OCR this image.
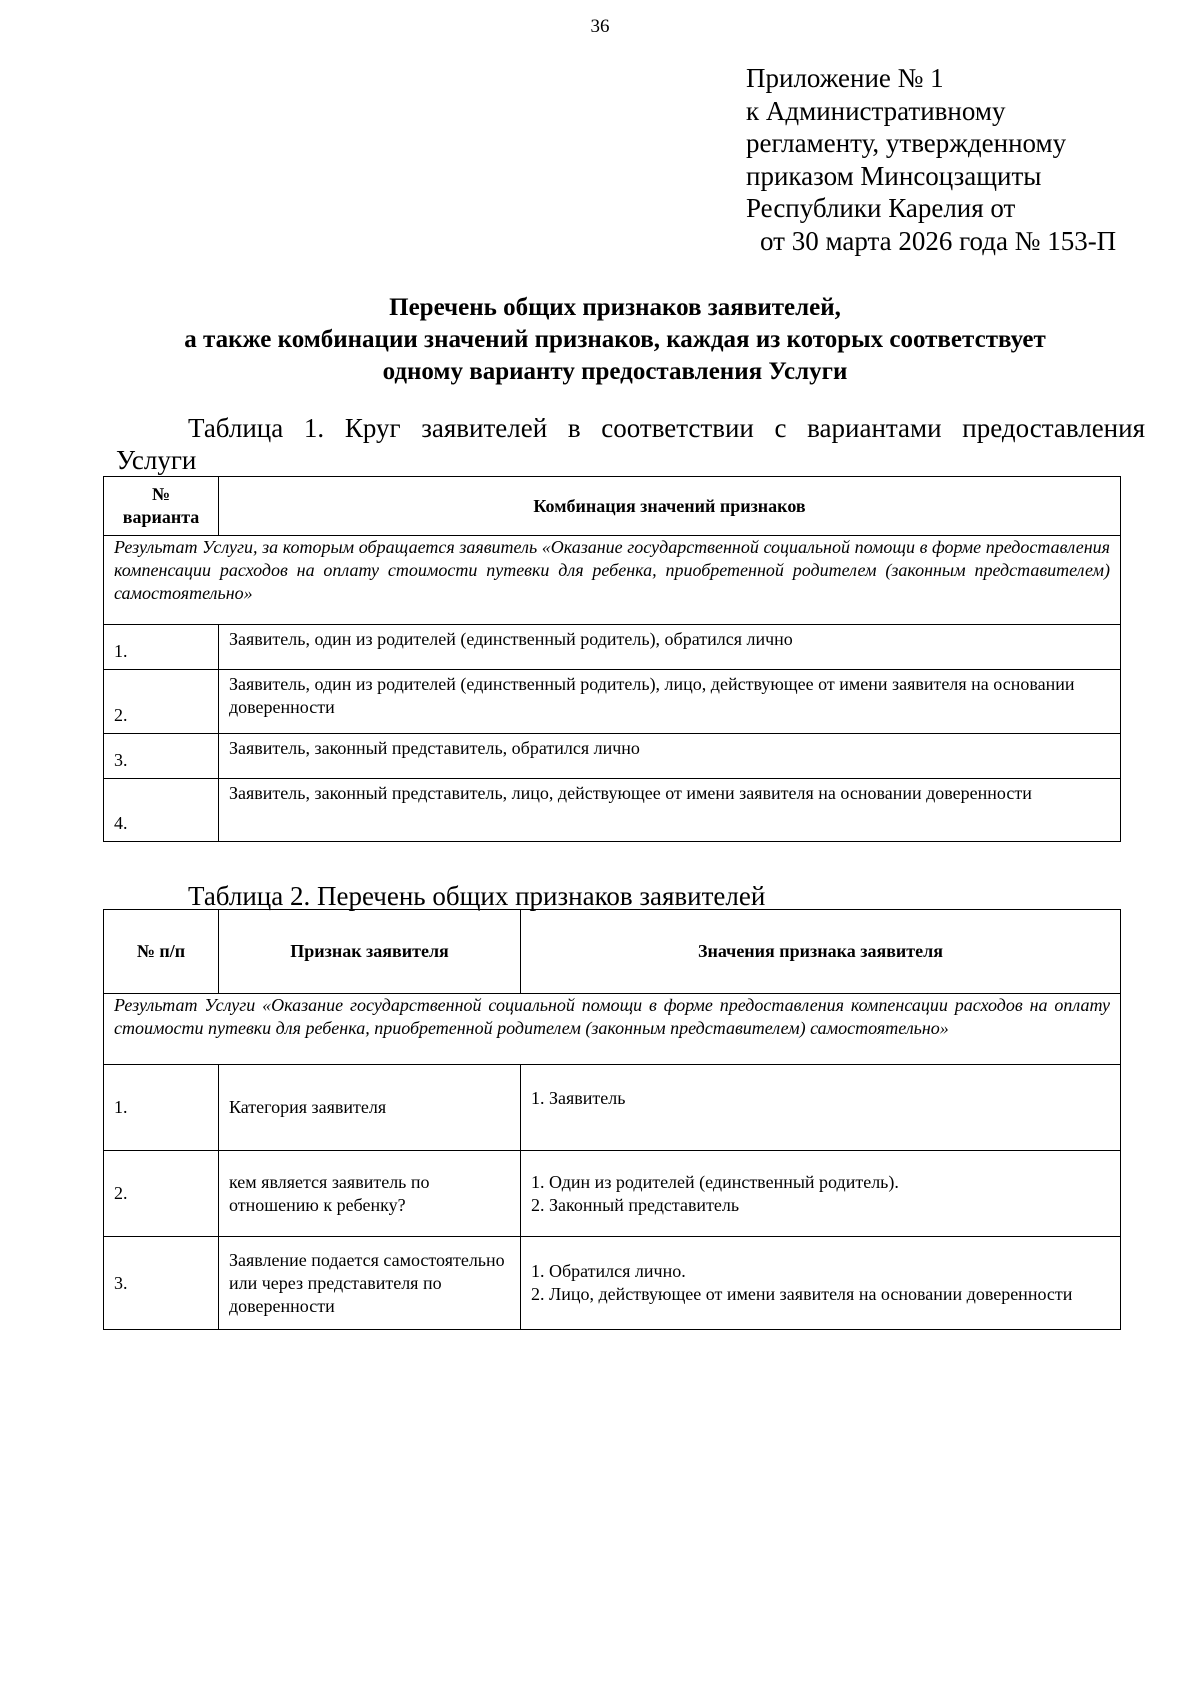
36
Приложение № 1
к Административному
регламенту, утвержденному
приказом Минсоцзащиты
Республики Карелия от
от 30 марта 2026 года № 153-П
Перечень общих признаков заявителей,
а также комбинации значений признаков, каждая из которых соответствует
одному варианту предоставления Услуги
Таблица 1. Круг заявителей в соответствии с вариантами предоставления
Услуги
№
варианта	Комбинация значений признаков
Результат Услуги, за которым обращается заявитель «Оказание государственной социальной помощи в форме предоставления компенсации расходов на оплату стоимости путевки для ребенка, приобретенной родителем (законным представителем) самостоятельно»	
1.	Заявитель, один из родителей (единственный родитель), обратился лично
2.	Заявитель, один из родителей (единственный родитель), лицо, действующее от имени заявителя на основании доверенности
3.	Заявитель, законный представитель, обратился лично
4.	Заявитель, законный представитель, лицо, действующее от имени заявителя на основании доверенности
Таблица 2. Перечень общих признаков заявителей
№ п/п	Признак заявителя	Значения признака заявителя
Результат Услуги «Оказание государственной социальной помощи в форме предоставления компенсации расходов на оплату стоимости путевки для ребенка, приобретенной родителем (законным представителем) самостоятельно»		
1.	Категория заявителя	1. Заявитель

2.	кем является заявитель по отношению к ребенку?	1. Один из родителей (единственный родитель).
2. Законный представитель

3.	Заявление подается самостоятельно или через представителя по доверенности	1. Обратился лично.
2. Лицо, действующее от имени заявителя на основании доверенности
